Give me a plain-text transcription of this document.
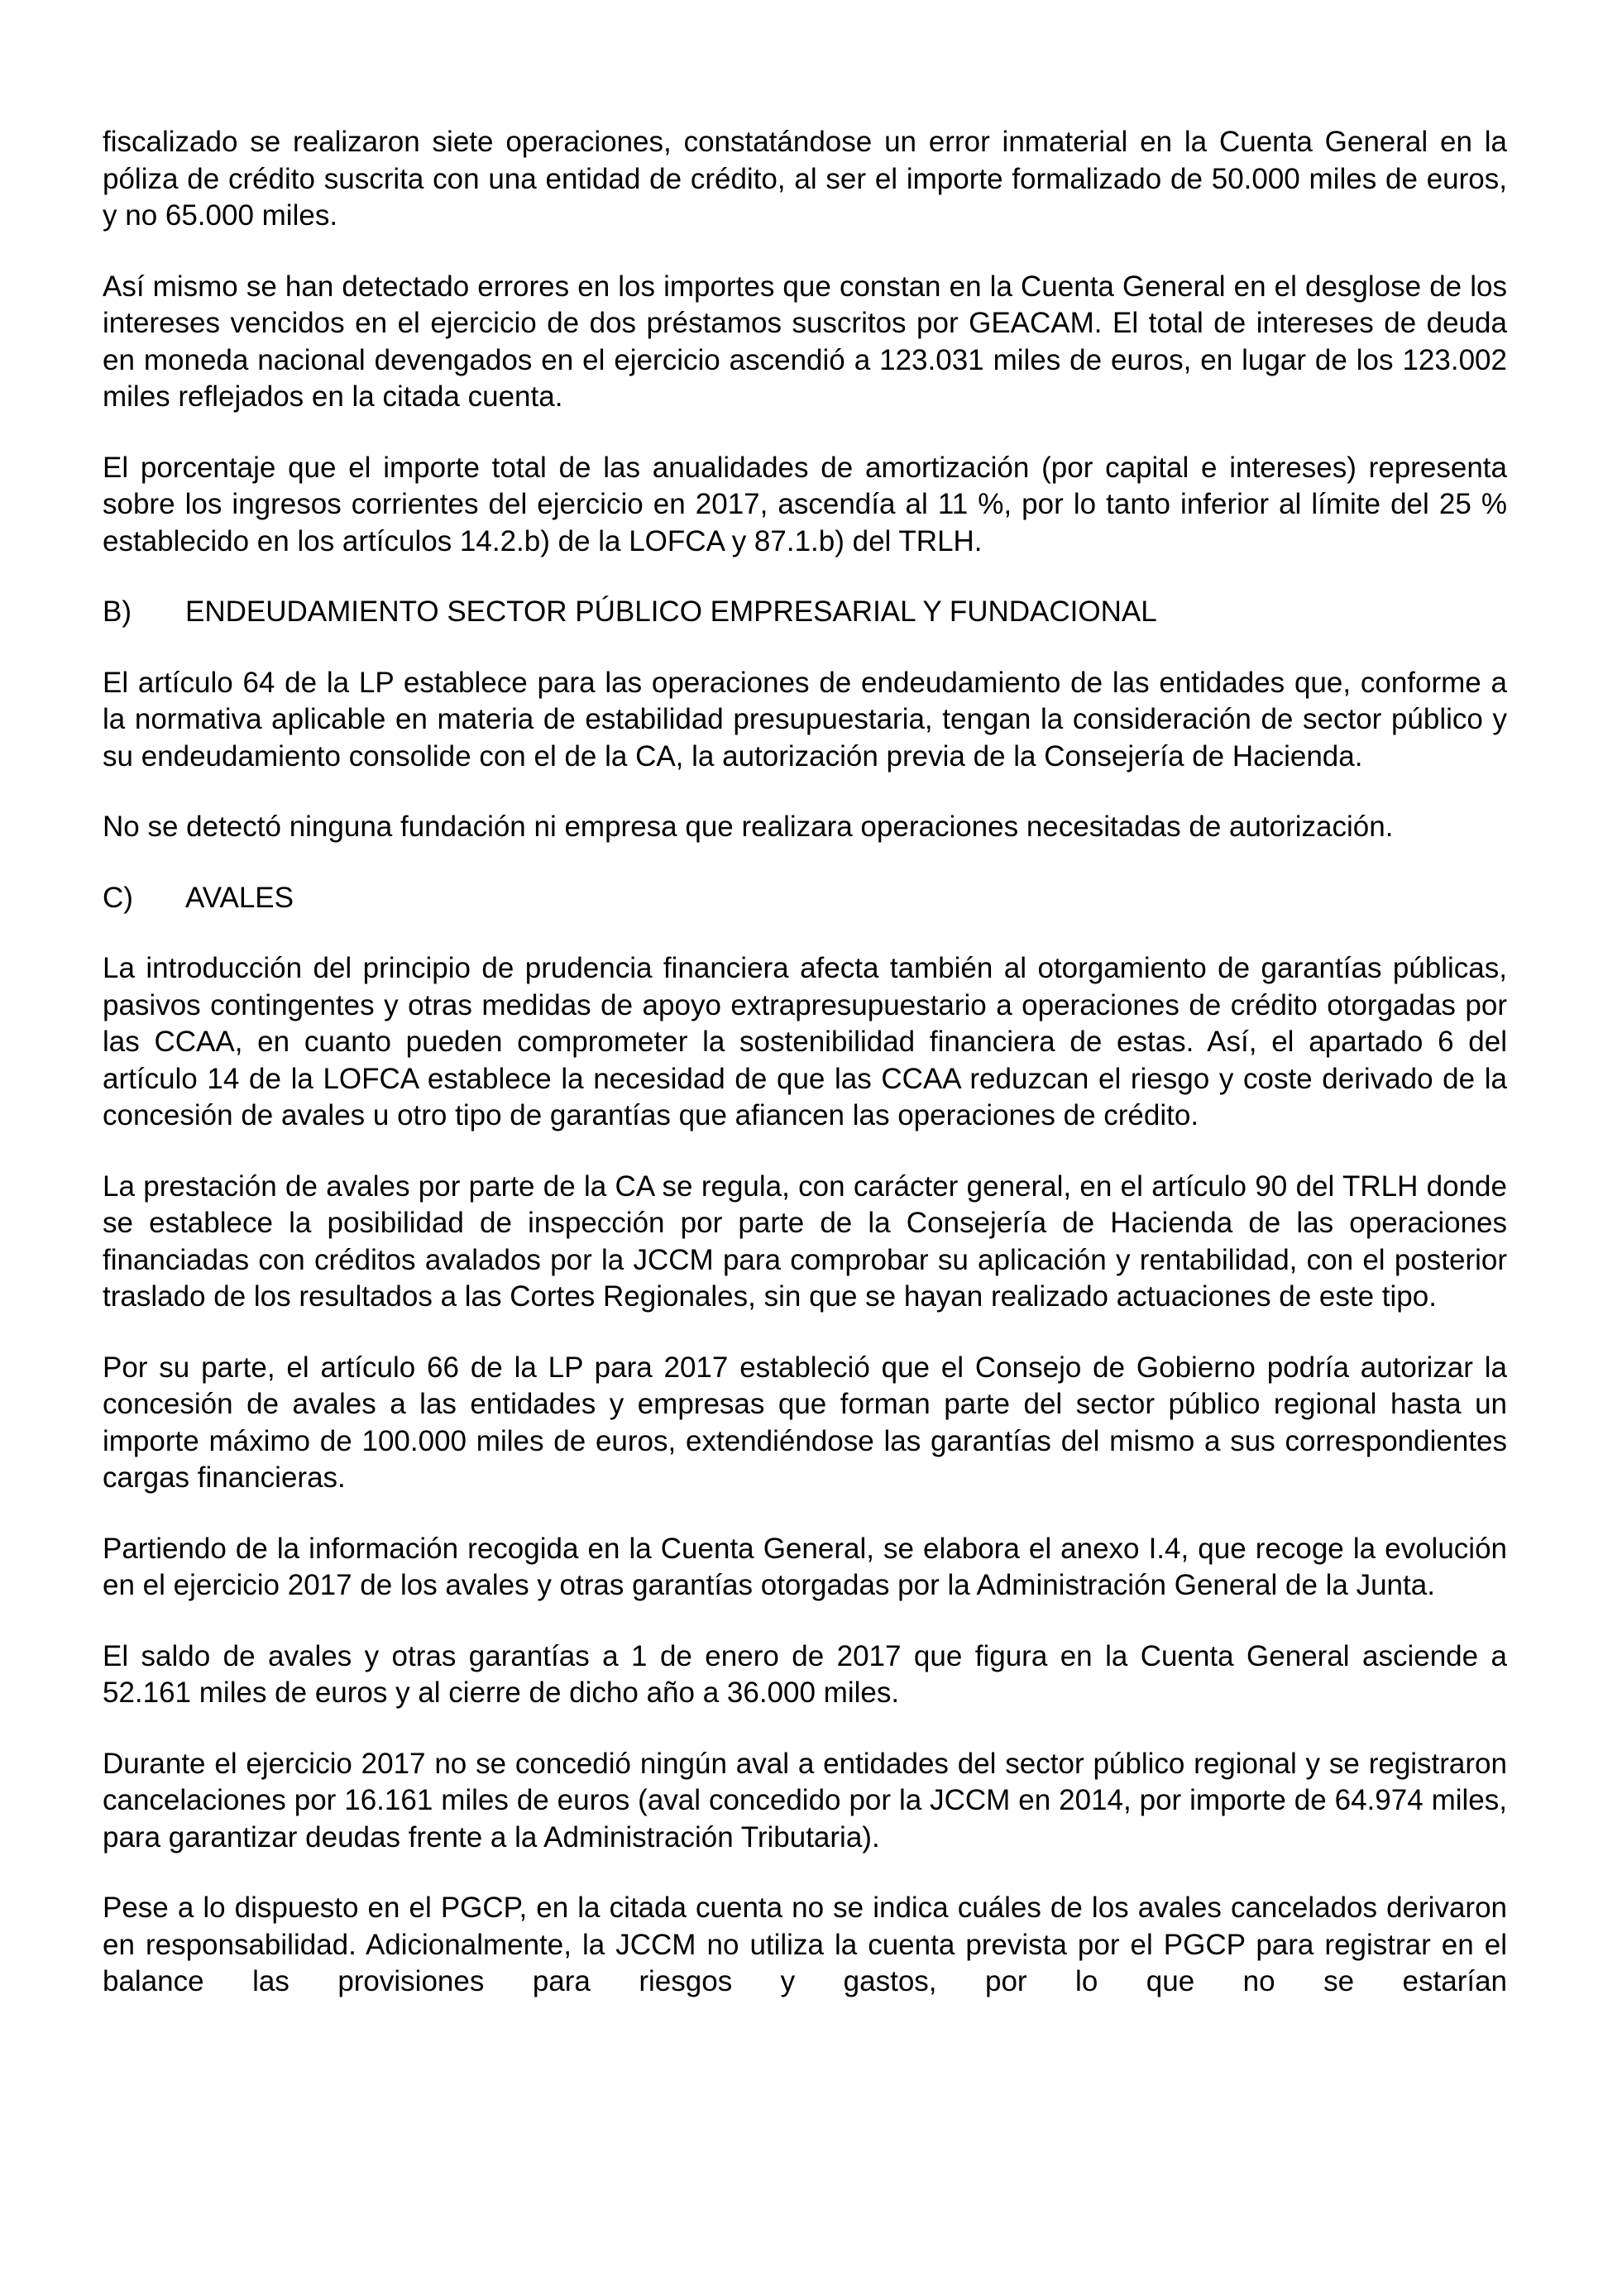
fiscalizado se realizaron siete operaciones, constatándose un error inmaterial en la Cuenta General en la póliza de crédito suscrita con una entidad de crédito, al ser el importe formalizado de 50.000 miles de euros, y no 65.000 miles.

Así mismo se han detectado errores en los importes que constan en la Cuenta General en el desglose de los intereses vencidos en el ejercicio de dos préstamos suscritos por GEACAM. El total de intereses de deuda en moneda nacional devengados en el ejercicio ascendió a 123.031 miles de euros, en lugar de los 123.002 miles reflejados en la citada cuenta.

El porcentaje que el importe total de las anualidades de amortización (por capital e intereses) representa sobre los ingresos corrientes del ejercicio en 2017, ascendía al 11 %, por lo tanto inferior al límite del 25 % establecido en los artículos 14.2.b) de la LOFCA y 87.1.b) del TRLH.

B)	ENDEUDAMIENTO SECTOR PÚBLICO EMPRESARIAL Y FUNDACIONAL

El artículo 64 de la LP establece para las operaciones de endeudamiento de las entidades que, conforme a la normativa aplicable en materia de estabilidad presupuestaria, tengan la consideración de sector público y su endeudamiento consolide con el de la CA, la autorización previa de la Consejería de Hacienda.

No se detectó ninguna fundación ni empresa que realizara operaciones necesitadas de autorización.

C)	AVALES

La introducción del principio de prudencia financiera afecta también al otorgamiento de garantías públicas, pasivos contingentes y otras medidas de apoyo extrapresupuestario a operaciones de crédito otorgadas por las CCAA, en cuanto pueden comprometer la sostenibilidad financiera de estas. Así, el apartado 6 del artículo 14 de la LOFCA establece la necesidad de que las CCAA reduzcan el riesgo y coste derivado de la concesión de avales u otro tipo de garantías que afiancen las operaciones de crédito.

La prestación de avales por parte de la CA se regula, con carácter general, en el artículo 90 del TRLH donde se establece la posibilidad de inspección por parte de la Consejería de Hacienda de las operaciones financiadas con créditos avalados por la JCCM para comprobar su aplicación y rentabilidad, con el posterior traslado de los resultados a las Cortes Regionales, sin que se hayan realizado actuaciones de este tipo.

Por su parte, el artículo 66 de la LP para 2017 estableció que el Consejo de Gobierno podría autorizar la concesión de avales a las entidades y empresas que forman parte del sector público regional hasta un importe máximo de 100.000 miles de euros, extendiéndose las garantías del mismo a sus correspondientes cargas financieras.

Partiendo de la información recogida en la Cuenta General, se elabora el anexo I.4, que recoge la evolución en el ejercicio 2017 de los avales y otras garantías otorgadas por la Administración General de la Junta.

El saldo de avales y otras garantías a 1 de enero de 2017 que figura en la Cuenta General asciende a 52.161 miles de euros y al cierre de dicho año a 36.000 miles.

Durante el ejercicio 2017 no se concedió ningún aval a entidades del sector público regional y se registraron cancelaciones por 16.161 miles de euros (aval concedido por la JCCM en 2014, por importe de 64.974 miles, para garantizar deudas frente a la Administración Tributaria).

Pese a lo dispuesto en el PGCP, en la citada cuenta no se indica cuáles de los avales cancelados derivaron en responsabilidad. Adicionalmente, la JCCM no utiliza la cuenta prevista por el PGCP para registrar en el balance las provisiones para riesgos y gastos, por lo que no se estarían
